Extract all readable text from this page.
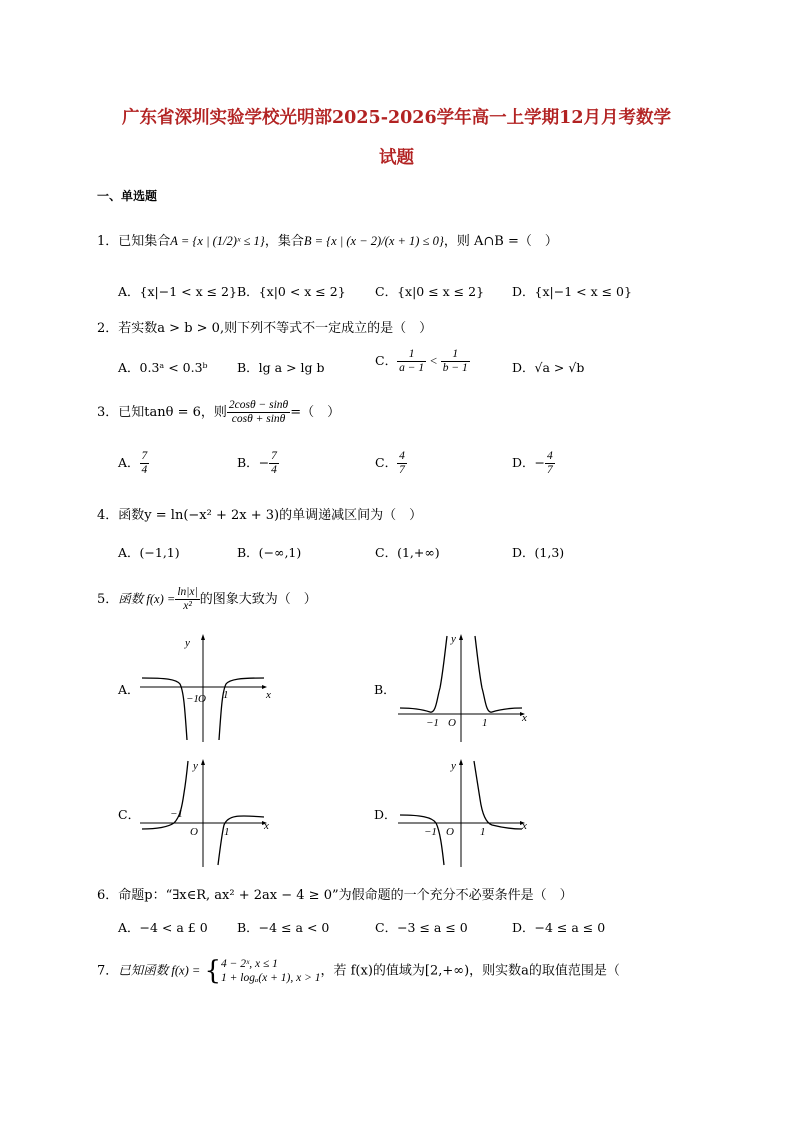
广东省深圳实验学校光明部2025-2026学年高一上学期12月月考数学
试题
一、单选题
1．已知集合A = {x | (1/2)ˣ ≤ 1}，集合B = {x | (x − 2)/(x + 1) ≤ 0}，则 A∩B =（　）
A．{x|−1 < x ≤ 2} B．{x|0 < x ≤ 2} C．{x|0 ≤ x ≤ 2} D．{x|−1 < x ≤ 0}
2．若实数a > b > 0,则下列不等式不一定成立的是（　）
A．0.3ᵃ < 0.3ᵇ B．lg a > lg b	C． $\frac{1}{a - 1} < \frac{1}{b - 1}$	D．√a > √b
3．已知tanθ = 6，则 $\frac{2\cos\theta - \sin\theta}{\cos\theta + \sin\theta}$ =（　）
A． $\frac{7}{4}$	B．− $\frac{7}{4}$	C． $\frac{4}{7}$	D．− $\frac{4}{7}$
4．函数y = ln(−x² + 2x + 3)的单调递减区间为（　）
A．(−1,1)	B．(−∞,1)	C．(1,+∞)	D．(1,3)
5．函数 $f(x) = \frac{\ln|x|}{\text{x²}}$ 的图象大致为（　）
A．	B．
C．	D．
−1 O 1	x
y
−1 O 1	x
y
−1
O 1	x
y
−1 O 1	x
y
6．命题p：“∃x∈R, ax² + 2ax − 4 ≥ 0”为假命题的一个充分不必要条件是（　）
A．−4 < a £ 0 B．−4 ≤ a < 0	C．−3 ≤ a ≤ 0	D．−4 ≤ a ≤ 0
7．已知函数 f(x) = { 4 − 2ˣ, x ≤ 1
1 + logₐ(x + 1), x > 1 ，若 f(x)的值域为[2,+∞)，则实数a的取值范围是（
